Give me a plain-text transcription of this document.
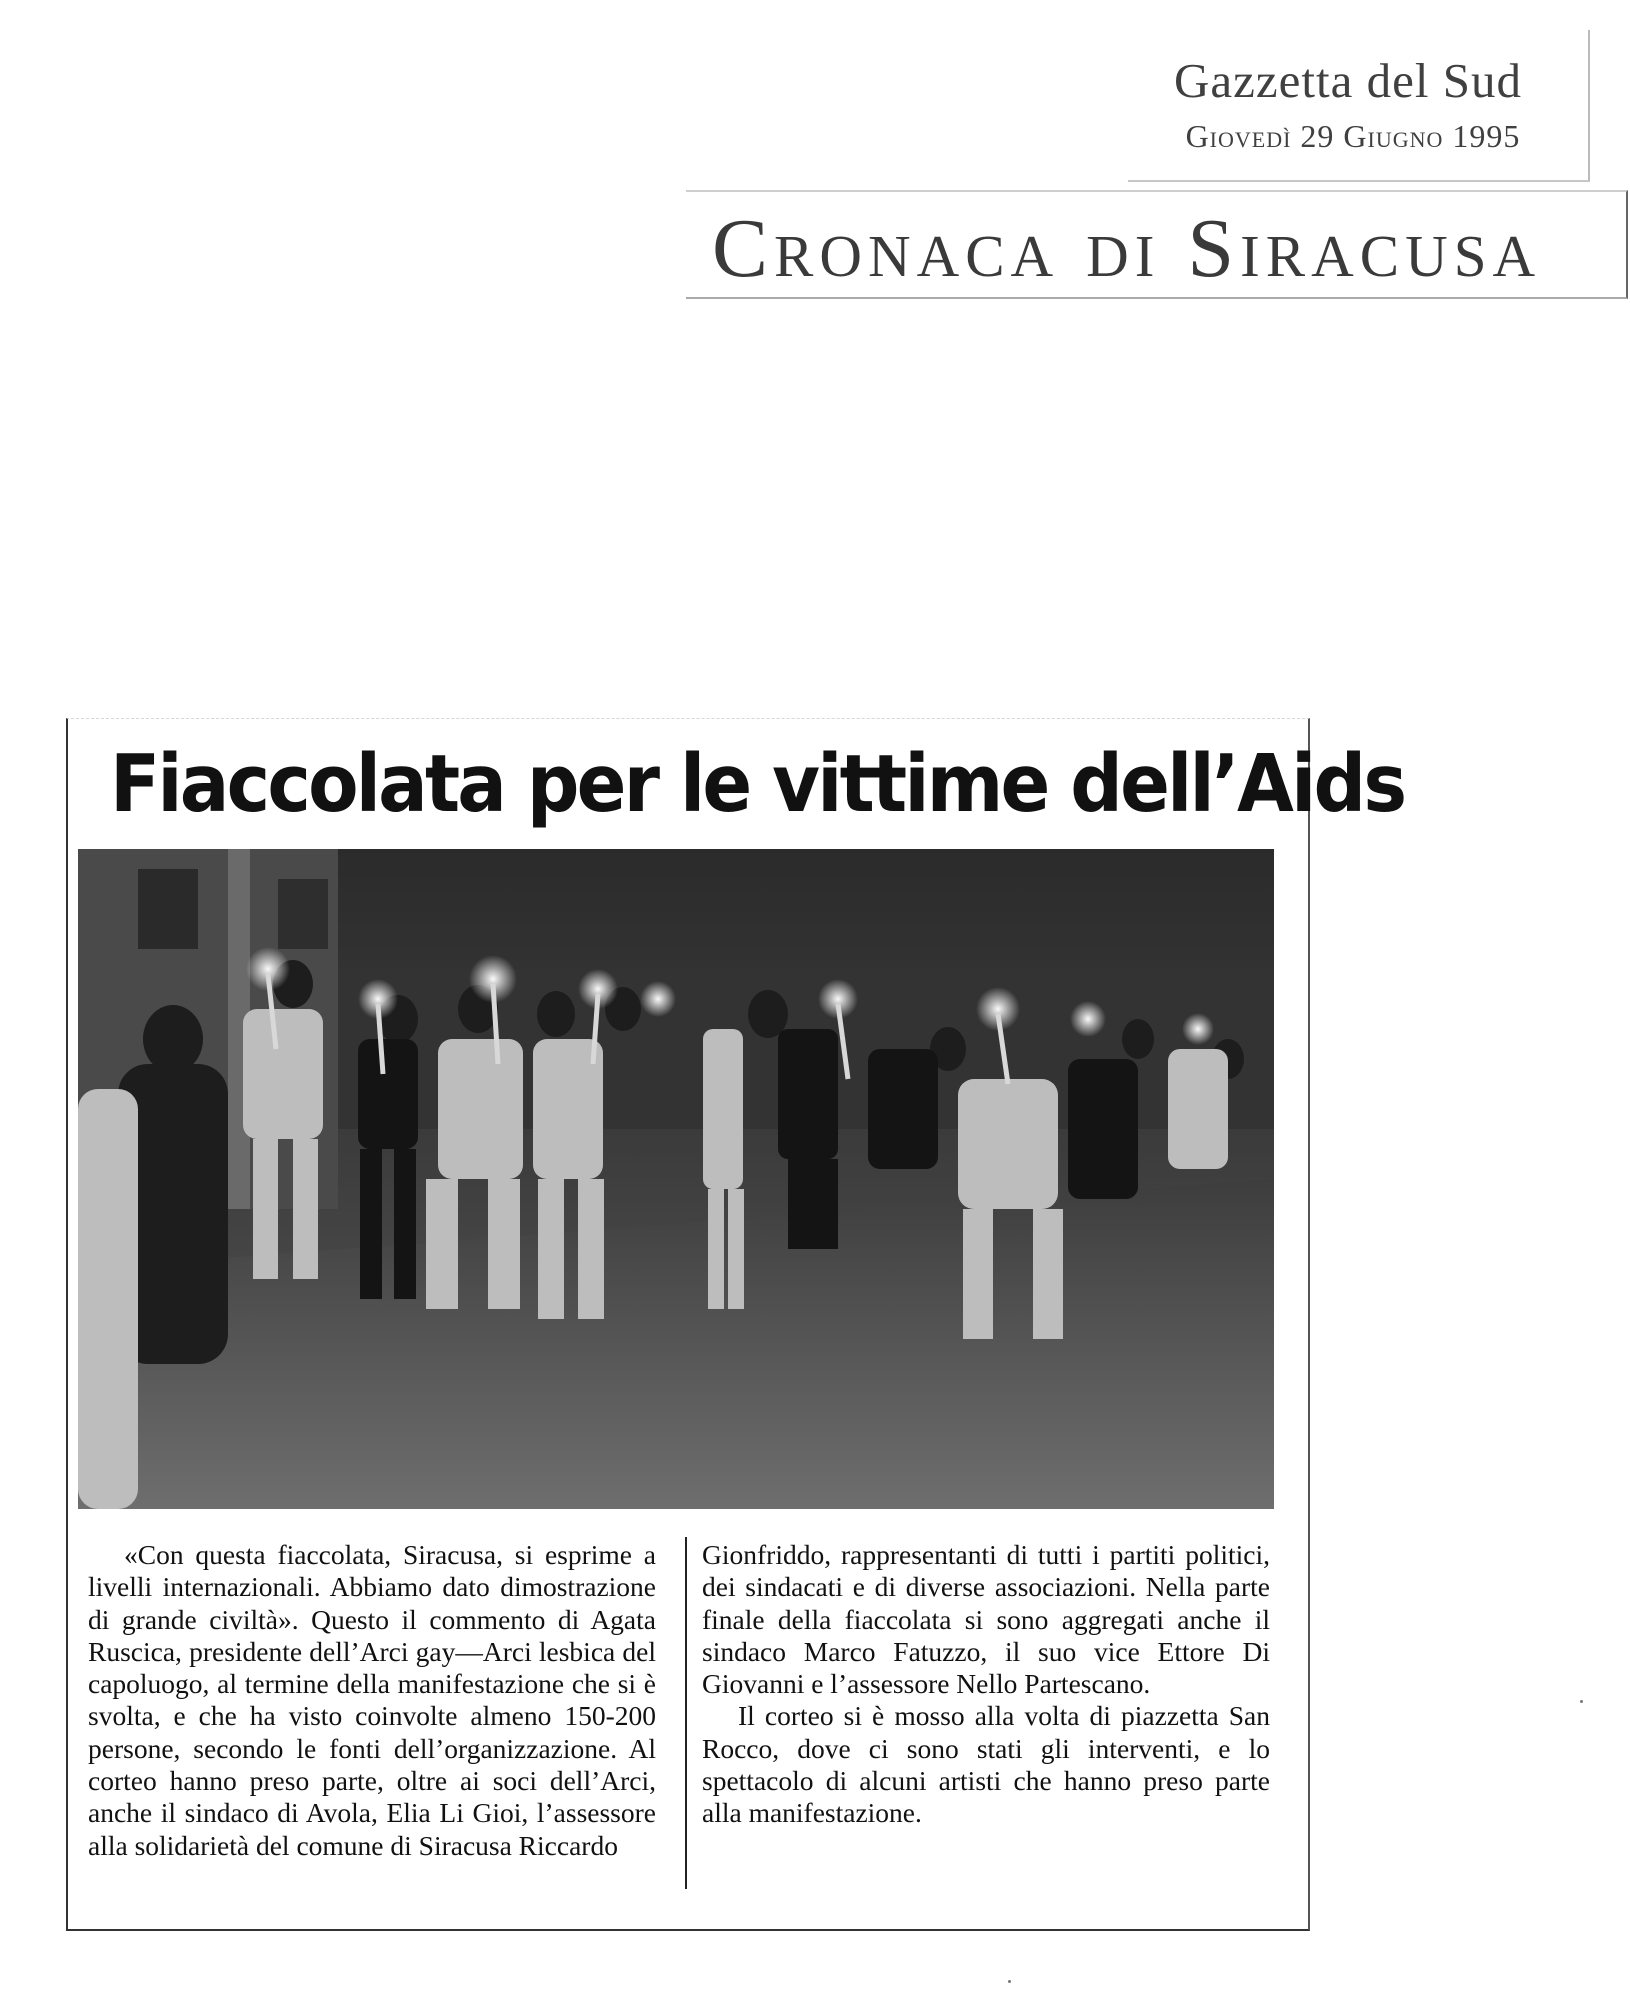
Gazzetta del Sud
Giovedì 29 Giugno 1995
Cronaca di Siracusa
Fiaccolata per le vittime dell’Aids

«Con questa fiaccolata, Siracusa, si esprime a livelli internazionali. Abbiamo dato dimostrazione di grande civiltà». Questo il commento di Agata Ruscica, presidente dell’Arci gay—Arci lesbica del capoluogo, al termine della manifestazione che si è svolta, e che ha visto coinvolte almeno 150-200 persone, secondo le fonti dell’organizzazione. Al corteo hanno preso parte, oltre ai soci dell’Arci, anche il sindaco di Avola, Elia Li Gioi, l’assessore alla solidarietà del comune di Siracusa Riccardo

Gionfriddo, rappresentanti di tutti i partiti politici, dei sindacati e di diverse associazioni. Nella parte finale della fiaccolata si sono aggregati anche il sindaco Marco Fatuzzo, il suo vice Ettore Di Giovanni e l’assessore Nello Partescano.

Il corteo si è mosso alla volta di piazzetta San Rocco, dove ci sono stati gli interventi, e lo spettacolo di alcuni artisti che hanno preso parte alla manifestazione.
